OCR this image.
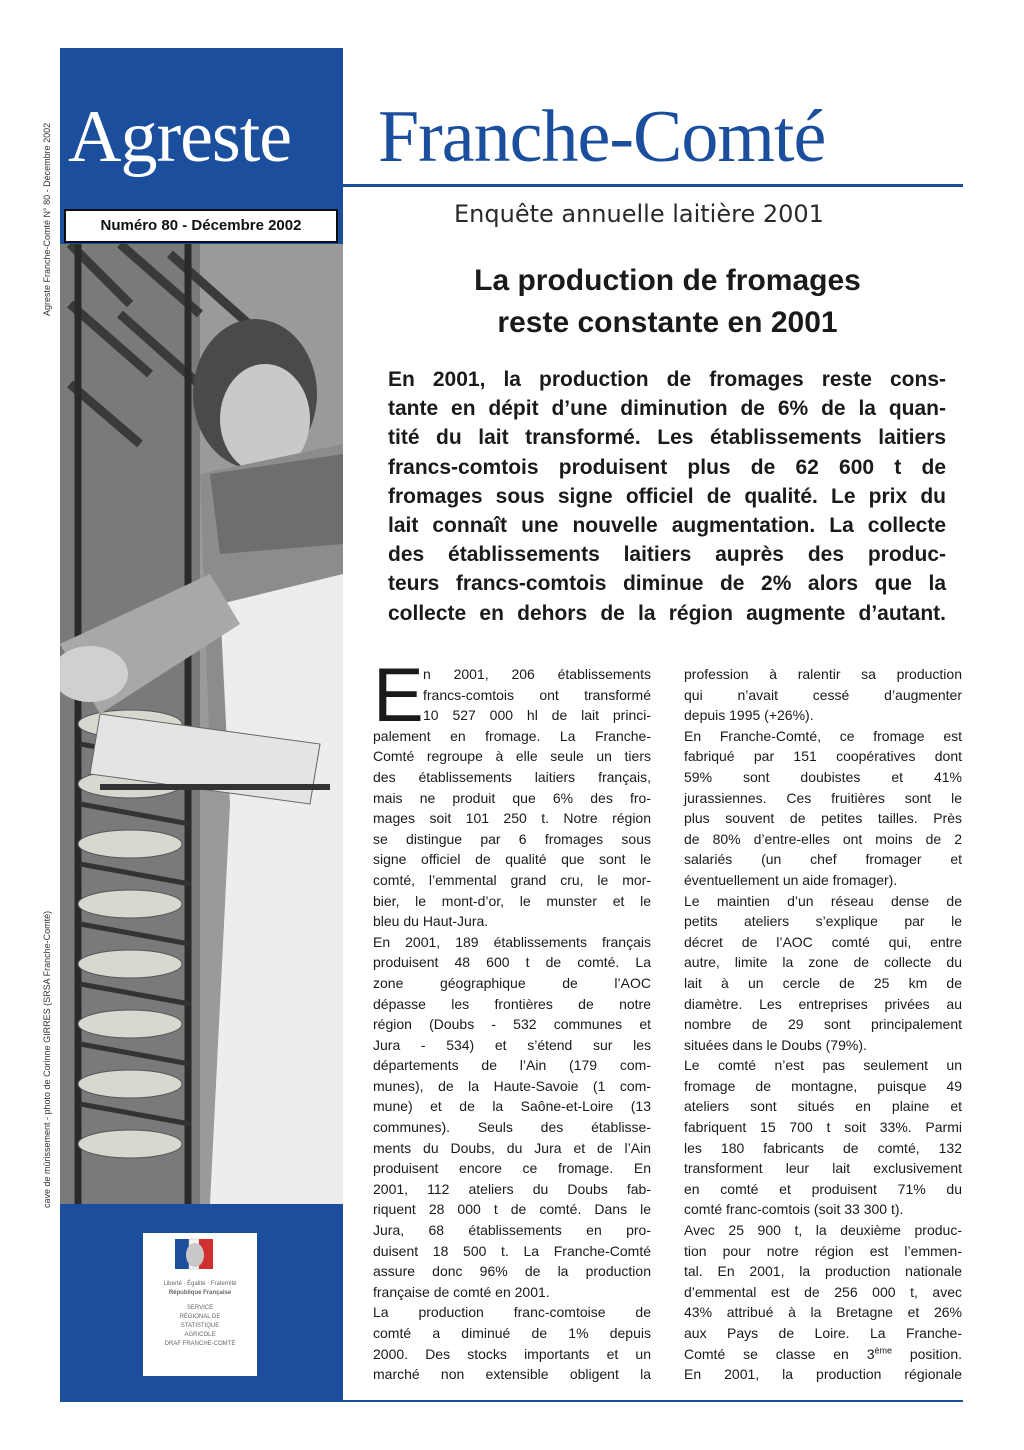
Agreste Franche-Comté N° 80 - Décembre 2002
cave de mûrissement - photo de Corinne GIRRES (SRSA Franche-Comté)
Agreste
Numéro 80 - Décembre 2002
Liberté · Égalité · Fraternité
République Française
SERVICE
RÉGIONAL DE
STATISTIQUE
AGRICOLE
DRAF FRANCHE-COMTÉ
Franche-Comté
Enquête annuelle laitière 2001
La production de fromages
reste constante en 2001
En 2001, la production de fromages reste cons-
tante en dépit d’une diminution de 6% de la quan-
tité du lait transformé. Les établissements laitiers
francs-comtois produisent plus de 62 600 t de
fromages sous signe officiel de qualité. Le prix du
lait connaît une nouvelle augmentation. La collecte
des établissements laitiers auprès des produc-
teurs francs-comtois diminue de 2% alors que la
collecte en dehors de la région augmente d’autant.
E n 2001, 206 établissements
francs-comtois ont transformé
10 527 000 hl de lait princi-
palement en fromage. La Franche-
Comté regroupe à elle seule un tiers
des établissements laitiers français,
mais ne produit que 6% des fro-
mages soit 101 250 t. Notre région
se distingue par 6 fromages sous
signe officiel de qualité que sont le
comté, l’emmental grand cru, le mor-
bier, le mont-d’or, le munster et le
bleu du Haut-Jura.
En 2001, 189 établissements français
produisent 48 600 t de comté. La
zone géographique de l’AOC
dépasse les frontières de notre
région (Doubs - 532 communes et
Jura - 534) et s’étend sur les
départements de l’Ain (179 com-
munes), de la Haute-Savoie (1 com-
mune) et de la Saône-et-Loire (13
communes). Seuls des établisse-
ments du Doubs, du Jura et de l’Ain
produisent encore ce fromage. En
2001, 112 ateliers du Doubs fab-
riquent 28 000 t de comté. Dans le
Jura, 68 établissements en pro-
duisent 18 500 t. La Franche-Comté
assure donc 96% de la production
française de comté en 2001.
La production franc-comtoise de
comté a diminué de 1% depuis
2000. Des stocks importants et un
marché non extensible obligent la
profession à ralentir sa production
qui n’avait cessé d’augmenter
depuis 1995 (+26%).
En Franche-Comté, ce fromage est
fabriqué par 151 coopératives dont
59% sont doubistes et 41%
jurassiennes. Ces fruitières sont le
plus souvent de petites tailles. Près
de 80% d’entre-elles ont moins de 2
salariés (un chef fromager et
éventuellement un aide fromager).
Le maintien d’un réseau dense de
petits ateliers s’explique par le
décret de l’AOC comté qui, entre
autre, limite la zone de collecte du
lait à un cercle de 25 km de
diamètre. Les entreprises privées au
nombre de 29 sont principalement
situées dans le Doubs (79%).
Le comté n’est pas seulement un
fromage de montagne, puisque 49
ateliers sont situés en plaine et
fabriquent 15 700 t soit 33%. Parmi
les 180 fabricants de comté, 132
transforment leur lait exclusivement
en comté et produisent 71% du
comté franc-comtois (soit 33 300 t).
Avec 25 900 t, la deuxième produc-
tion pour notre région est l’emmen-
tal. En 2001, la production nationale
d’emmental est de 256 000 t, avec
43% attribué à la Bretagne et 26%
aux Pays de Loire. La Franche-
Comté se classe en 3ème position.
En 2001, la production régionale
